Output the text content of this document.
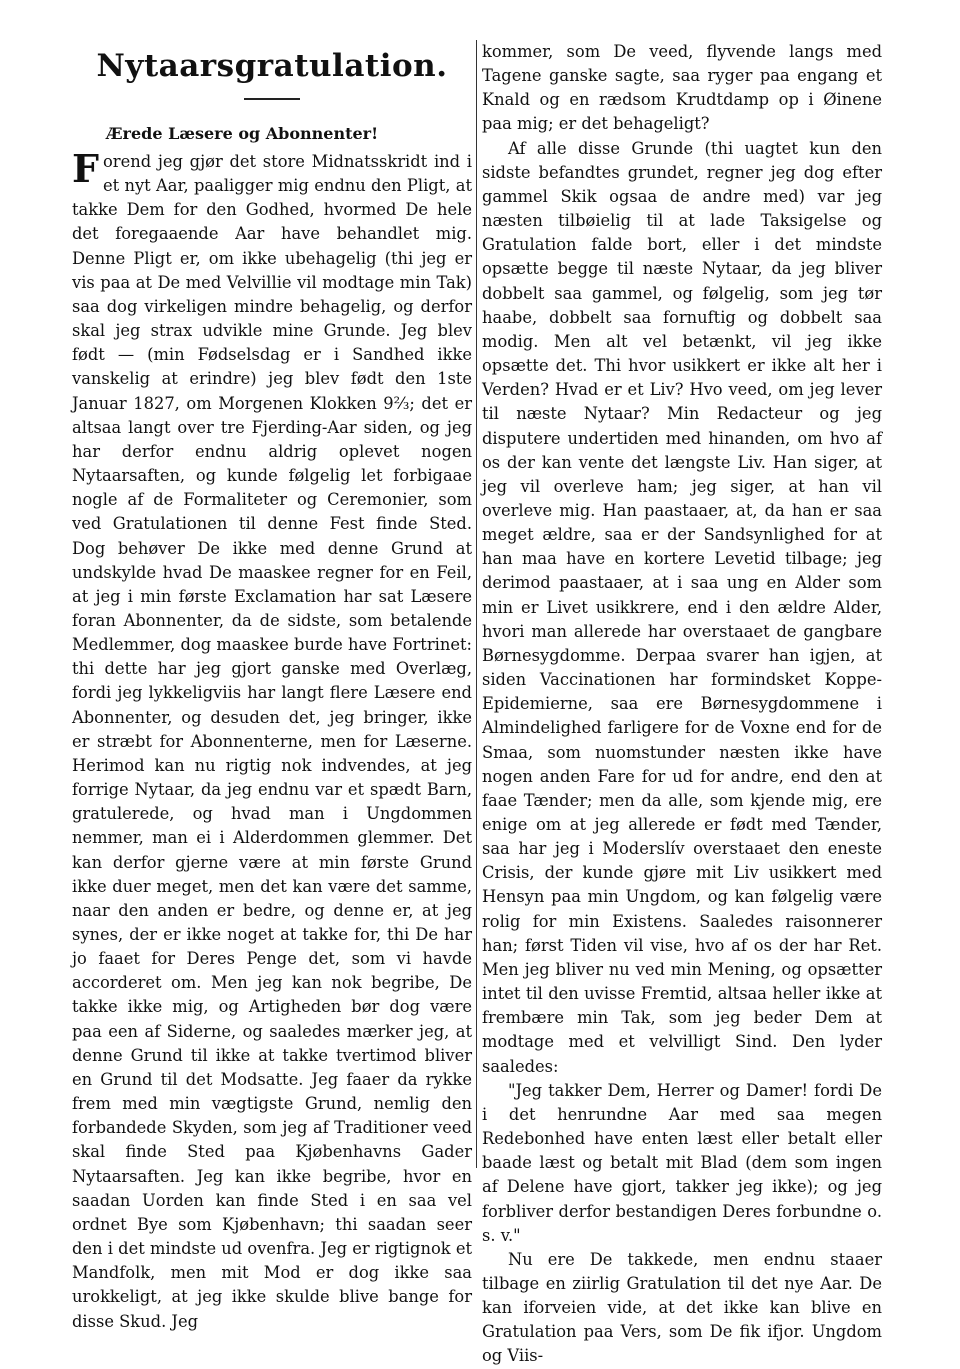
Nytaarsgratulation.
Ærede Læsere og Abonnenter!

Forend jeg gjør det store Midnatsskridt ind i et nyt Aar, paaligger mig endnu den Pligt, at takke Dem for den Godhed, hvormed De hele det foregaaende Aar have behandlet mig. Denne Pligt er, om ikke ubehagelig (thi jeg er vis paa at De med Velvillie vil modtage min Tak) saa dog virkeligen mindre behagelig, og derfor skal jeg strax udvikle mine Grunde. Jeg blev født — (min Fødselsdag er i Sandhed ikke vanskelig at erindre) jeg blev født den 1ste Januar 1827, om Morgenen Klokken 9⅔; det er altsaa langt over tre Fjerding-Aar siden, og jeg har derfor endnu aldrig oplevet nogen Nytaarsaften, og kunde følgelig let forbigaae nogle af de Formaliteter og Ceremonier, som ved Gratulationen til denne Fest finde Sted. Dog behøver De ikke med denne Grund at undskylde hvad De maaskee regner for en Feil, at jeg i min første Exclamation har sat Læsere foran Abonnenter, da de sidste, som betalende Medlemmer, dog maaskee burde have Fortrinet: thi dette har jeg gjort ganske med Overlæg, fordi jeg lykkeligviis har langt flere Læsere end Abonnenter, og desuden det, jeg bringer, ikke er stræbt for Abonnenterne, men for Læserne. Herimod kan nu rigtig nok indvendes, at jeg forrige Nytaar, da jeg endnu var et spædt Barn, gratulerede, og hvad man i Ungdommen nemmer, man ei i Alderdommen glemmer. Det kan derfor gjerne være at min første Grund ikke duer meget, men det kan være det samme, naar den anden er bedre, og denne er, at jeg synes, der er ikke noget at takke for, thi De har jo faaet for Deres Penge det, som vi havde accorderet om. Men jeg kan nok begribe, De takke ikke mig, og Artigheden bør dog være paa een af Siderne, og saaledes mærker jeg, at denne Grund til ikke at takke tvertimod bliver en Grund til det Modsatte. Jeg faaer da rykke frem med min vægtigste Grund, nemlig den forbandede Skyden, som jeg af Traditioner veed skal finde Sted paa Kjøbenhavns Gader Nytaarsaften. Jeg kan ikke begribe, hvor en saadan Uorden kan finde Sted i en saa vel ordnet Bye som Kjøbenhavn; thi saadan seer den i det mindste ud ovenfra. Jeg er rigtignok et Mandfolk, men mit Mod er dog ikke saa urokkeligt, at jeg ikke skulde blive bange for disse Skud. Jeg

kommer, som De veed, flyvende langs med Tagene ganske sagte, saa ryger paa engang et Knald og en rædsom Krudtdamp op i Øinene paa mig; er det behageligt?

Af alle disse Grunde (thi uagtet kun den sidste befandtes grundet, regner jeg dog efter gammel Skik ogsaa de andre med) var jeg næsten tilbøielig til at lade Taksigelse og Gratulation falde bort, eller i det mindste opsætte begge til næste Nytaar, da jeg bliver dobbelt saa gammel, og følgelig, som jeg tør haabe, dobbelt saa fornuftig og dobbelt saa modig. Men alt vel betænkt, vil jeg ikke opsætte det. Thi hvor usikkert er ikke alt her i Verden? Hvad er et Liv? Hvo veed, om jeg lever til næste Nytaar? Min Redacteur og jeg disputere undertiden med hinanden, om hvo af os der kan vente det længste Liv. Han siger, at jeg vil overleve ham; jeg siger, at han vil overleve mig. Han paastaaer, at, da han er saa meget ældre, saa er der Sandsynlighed for at han maa have en kortere Levetid tilbage; jeg derimod paastaaer, at i saa ung en Alder som min er Livet usikkrere, end i den ældre Alder, hvori man allerede har overstaaet de gangbare Børnesygdomme. Derpaa svarer han igjen, at siden Vaccinationen har formindsket Koppe-Epidemierne, saa ere Børnesygdommene i Almindelighed farligere for de Voxne end for de Smaa, som nuomstunder næsten ikke have nogen anden Fare for ud for andre, end den at faae Tænder; men da alle, som kjende mig, ere enige om at jeg allerede er født med Tænder, saa har jeg i Moderslív overstaaet den eneste Crisis, der kunde gjøre mit Liv usikkert med Hensyn paa min Ungdom, og kan følgelig være rolig for min Existens. Saaledes raisonnerer han; først Tiden vil vise, hvo af os der har Ret. Men jeg bliver nu ved min Mening, og opsætter intet til den uvisse Fremtid, altsaa heller ikke at frembære min Tak, som jeg beder Dem at modtage med et velvilligt Sind. Den lyder saaledes:

"Jeg takker Dem, Herrer og Damer! fordi De i det henrundne Aar med saa megen Redebonhed have enten læst eller betalt eller baade læst og betalt mit Blad (dem som ingen af Delene have gjort, takker jeg ikke); og jeg forbliver derfor bestandigen Deres forbundne o. s. v."

Nu ere De takkede, men endnu staaer tilbage en ziirlig Gratulation til det nye Aar. De kan iforveien vide, at det ikke kan blive en Gratulation paa Vers, som De fik ifjor. Ungdom og Viis-
